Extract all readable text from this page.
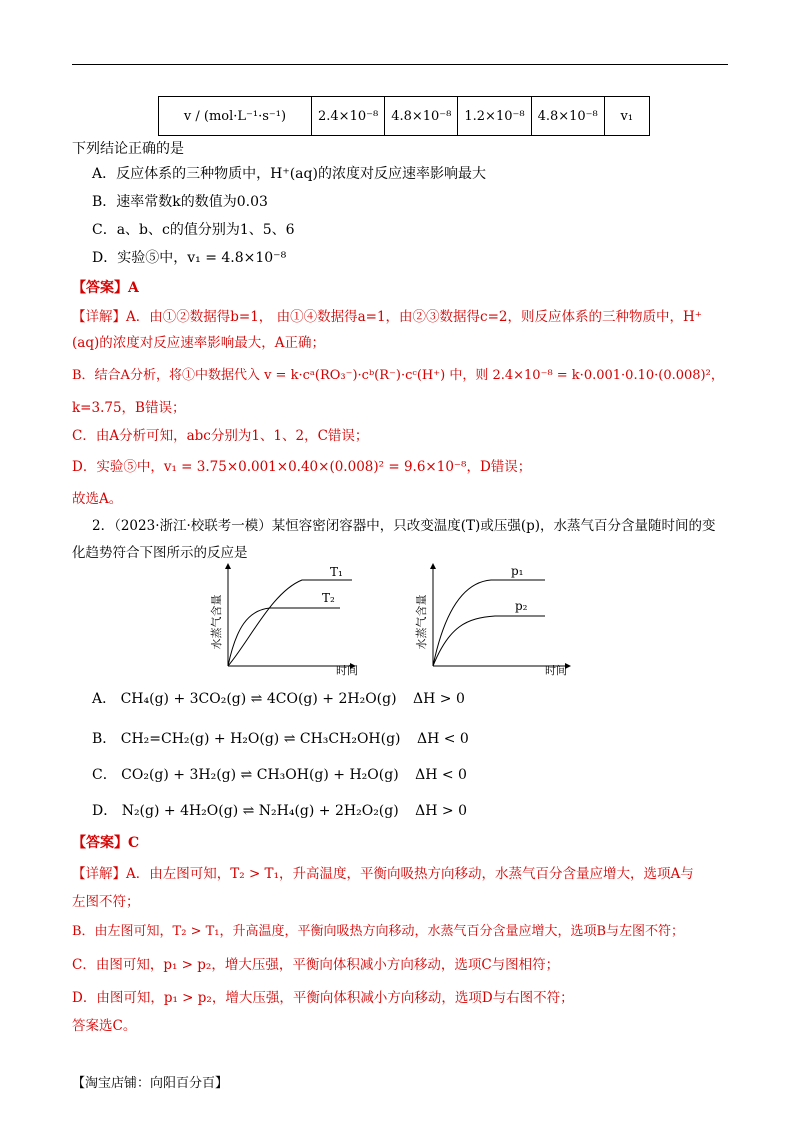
v / (mol·L⁻¹·s⁻¹)	2.4×10⁻⁸	4.8×10⁻⁸	1.2×10⁻⁸	4.8×10⁻⁸	v₁
下列结论正确的是
A．反应体系的三种物质中，H⁺(aq)的浓度对反应速率影响最大
B．速率常数k的数值为0.03
C．a、b、c的值分别为1、5、6
D．实验⑤中，v₁ = 4.8×10⁻⁸
【答案】A
【详解】A．由①②数据得b=1， 由①④数据得a=1，由②③数据得c=2，则反应体系的三种物质中，H⁺
(aq)的浓度对反应速率影响最大，A正确；
B．结合A分析，将①中数据代入 v = k·cᵃ(RO₃⁻)·cᵇ(R⁻)·cᶜ(H⁺) 中，则 2.4×10⁻⁸ = k·0.001·0.10·(0.008)²，
k=3.75，B错误；
C．由A分析可知，abc分别为1、1、2，C错误；
D．实验⑤中，v₁ = 3.75×0.001×0.40×(0.008)² = 9.6×10⁻⁸，D错误；
故选A。
2．（2023·浙江·校联考一模）某恒容密闭容器中，只改变温度(T)或压强(p)，水蒸气百分含量随时间的变
化趋势符合下图所示的反应是
T₁
T₂
时间
水蒸气含量
p₁
p₂
时间
水蒸气含量
A． CH₄(g) + 3CO₂(g) ⇌ 4CO(g) + 2H₂O(g) ΔH > 0
B． CH₂=CH₂(g) + H₂O(g) ⇌ CH₃CH₂OH(g) ΔH < 0
C． CO₂(g) + 3H₂(g) ⇌ CH₃OH(g) + H₂O(g) ΔH < 0
D． N₂(g) + 4H₂O(g) ⇌ N₂H₄(g) + 2H₂O₂(g) ΔH > 0
【答案】C
【详解】A．由左图可知，T₂ > T₁，升高温度，平衡向吸热方向移动，水蒸气百分含量应增大，选项A与
左图不符；
B．由左图可知，T₂ > T₁，升高温度，平衡向吸热方向移动，水蒸气百分含量应增大，选项B与左图不符；
C．由图可知，p₁ > p₂，增大压强，平衡向体积减小方向移动，选项C与图相符；
D．由图可知，p₁ > p₂，增大压强，平衡向体积减小方向移动，选项D与右图不符；
答案选C。
【淘宝店铺：向阳百分百】
